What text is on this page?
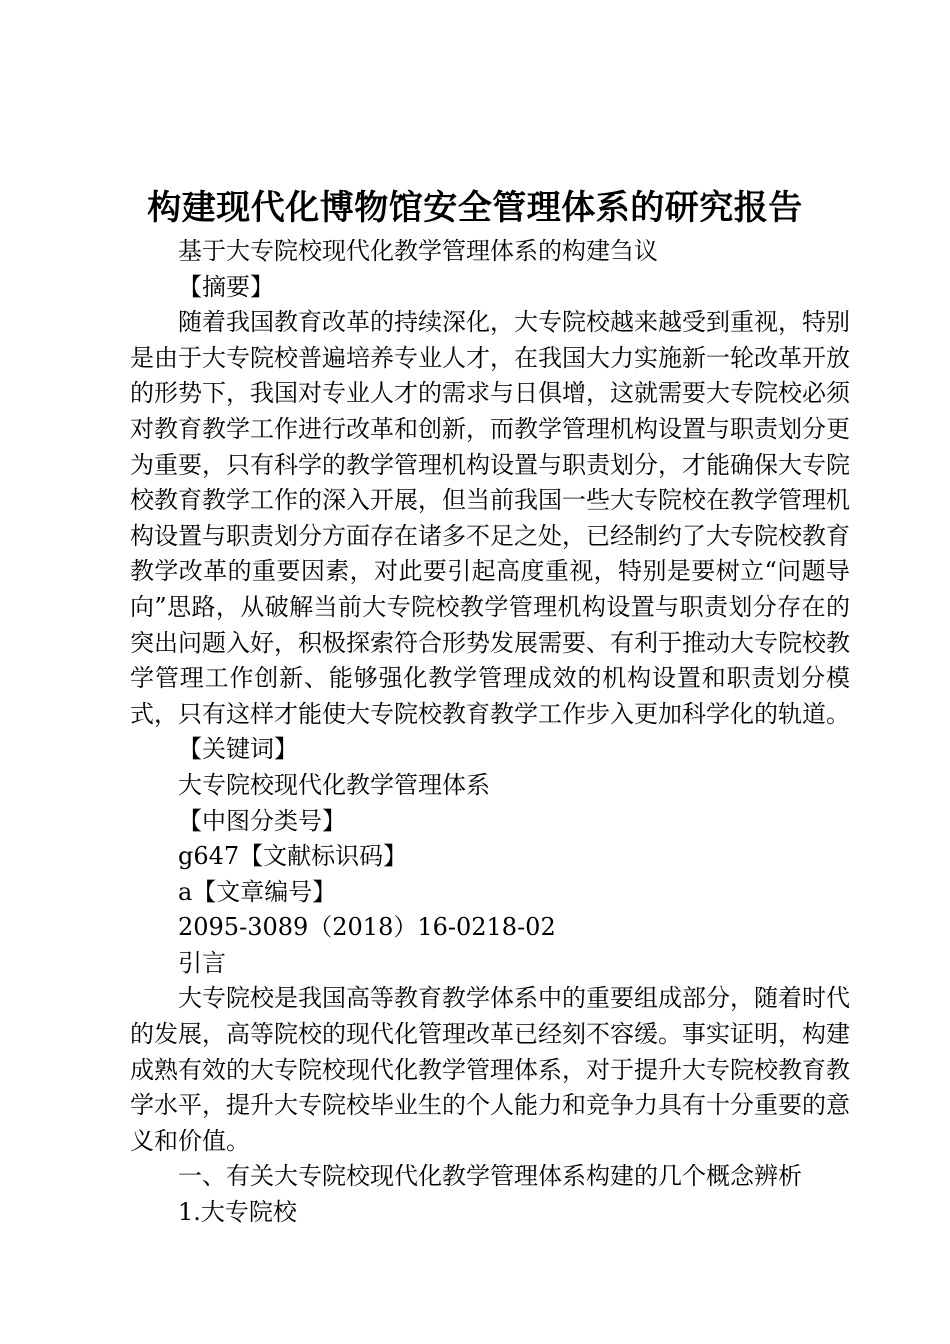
构建现代化博物馆安全管理体系的研究报告

基于大专院校现代化教学管理体系的构建刍议

【摘要】

随着我国教育改革的持续深化，大专院校越来越受到重视，特别是由于大专院校普遍培养专业人才，在我国大力实施新一轮改革开放的形势下，我国对专业人才的需求与日俱增，这就需要大专院校必须对教育教学工作进行改革和创新，而教学管理机构设置与职责划分更为重要，只有科学的教学管理机构设置与职责划分，才能确保大专院校教育教学工作的深入开展，但当前我国一些大专院校在教学管理机构设置与职责划分方面存在诸多不足之处，已经制约了大专院校教育教学改革的重要因素，对此要引起高度重视，特别是要树立“问题导向”思路，从破解当前大专院校教学管理机构设置与职责划分存在的突出问题入好，积极探索符合形势发展需要、有利于推动大专院校教学管理工作创新、能够强化教学管理成效的机构设置和职责划分模式，只有这样才能使大专院校教育教学工作步入更加科学化的轨道。

【关键词】

大专院校现代化教学管理体系

【中图分类号】

g647【文献标识码】

a【文章编号】

2095-3089（2018）16-0218-02

引言

大专院校是我国高等教育教学体系中的重要组成部分，随着时代的发展，高等院校的现代化管理改革已经刻不容缓。事实证明，构建成熟有效的大专院校现代化教学管理体系，对于提升大专院校教育教学水平，提升大专院校毕业生的个人能力和竞争力具有十分重要的意义和价值。

一、有关大专院校现代化教学管理体系构建的几个概念辨析

1.大专院校
